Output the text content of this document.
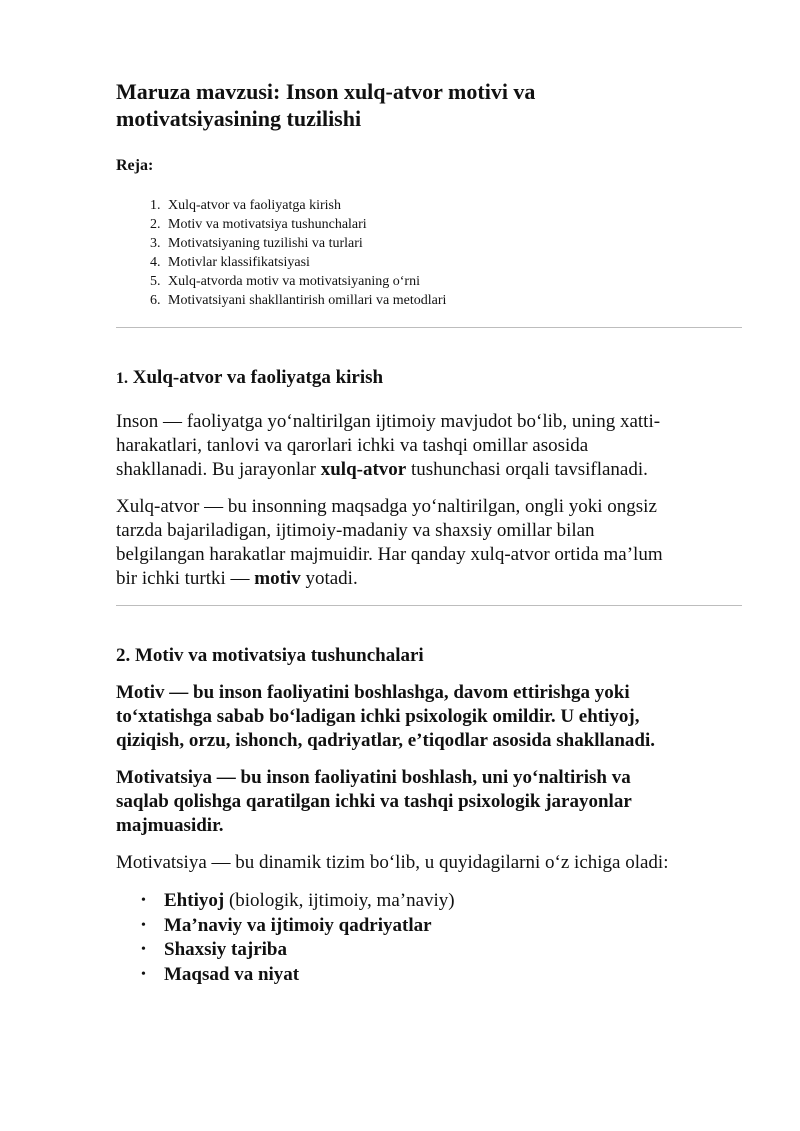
Maruza mavzusi: Inson xulq-atvor motivi va
motivatsiyasining tuzilishi

Reja:

1. Xulq-atvor va faoliyatga kirish
2. Motiv va motivatsiya tushunchalari
3. Motivatsiyaning tuzilishi va turlari
4. Motivlar klassifikatsiyasi
5. Xulq-atvorda motiv va motivatsiyaning o‘rni
6. Motivatsiyani shakllantirish omillari va metodlari
1. Xulq-atvor va faoliyatga kirish

Inson — faoliyatga yo‘naltirilgan ijtimoiy mavjudot bo‘lib, uning xatti-
harakatlari, tanlovi va qarorlari ichki va tashqi omillar asosida
shakllanadi. Bu jarayonlar xulq-atvor tushunchasi orqali tavsiflanadi.

Xulq-atvor — bu insonning maqsadga yo‘naltirilgan, ongli yoki ongsiz
tarzda bajariladigan, ijtimoiy-madaniy va shaxsiy omillar bilan
belgilangan harakatlar majmuidir. Har qanday xulq-atvor ortida ma’lum
bir ichki turtki — motiv yotadi.

2. Motiv va motivatsiya tushunchalari

Motiv — bu inson faoliyatini boshlashga, davom ettirishga yoki
to‘xtatishga sabab bo‘ladigan ichki psixologik omildir. U ehtiyoj,
qiziqish, orzu, ishonch, qadriyatlar, e’tiqodlar asosida shakllanadi.

Motivatsiya — bu inson faoliyatini boshlash, uni yo‘naltirish va
saqlab qolishga qaratilgan ichki va tashqi psixologik jarayonlar
majmuasidir.

Motivatsiya — bu dinamik tizim bo‘lib, u quyidagilarni o‘z ichiga oladi:

• Ehtiyoj (biologik, ijtimoiy, ma’naviy)
• Ma’naviy va ijtimoiy qadriyatlar
• Shaxsiy tajriba
• Maqsad va niyat
